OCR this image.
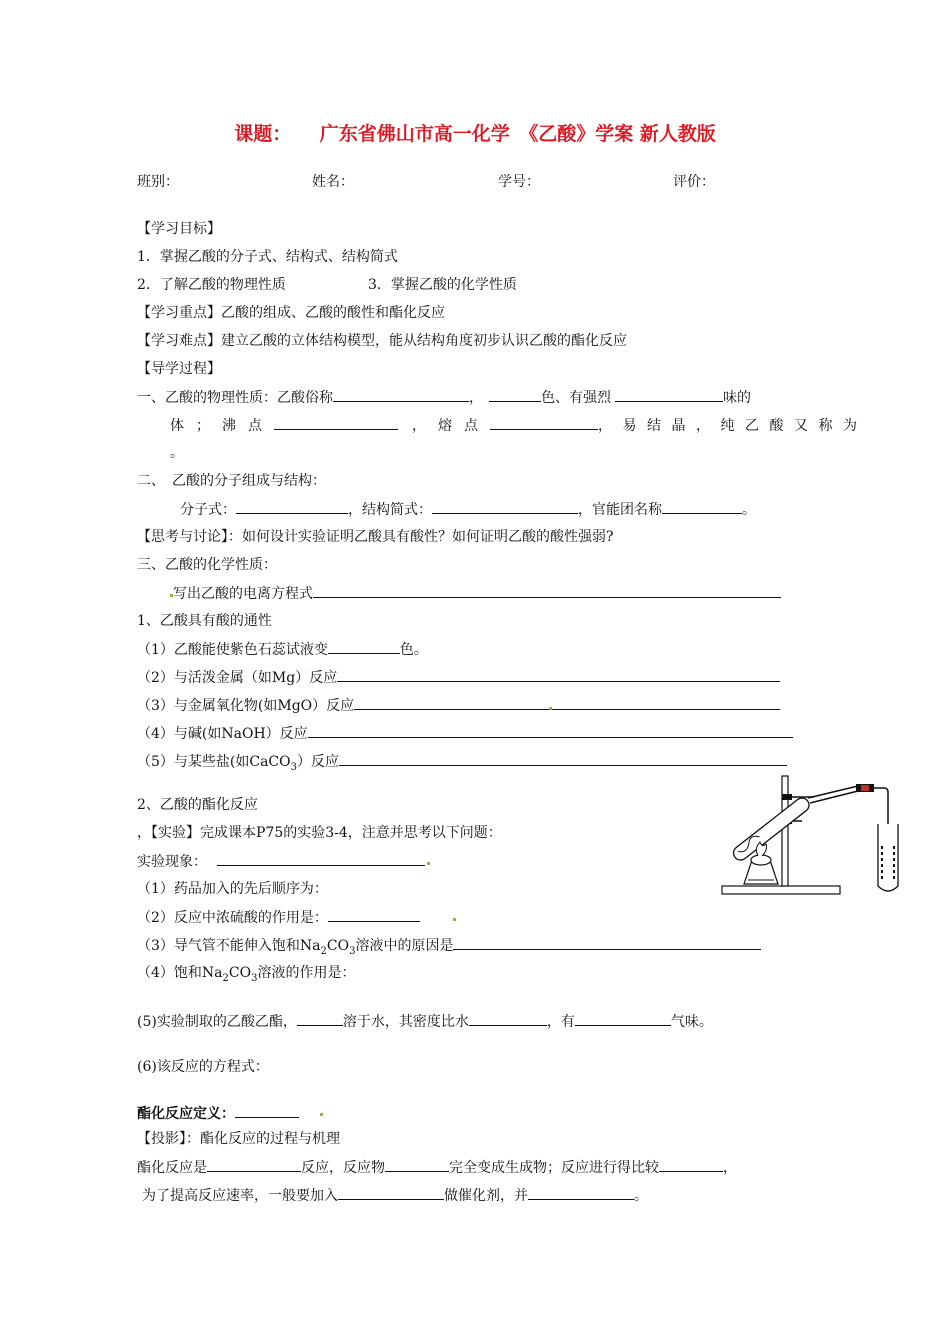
课题：　　广东省佛山市高一化学　《乙酸》学案 新人教版
班别：	姓名：	学号：	评价：
【学习目标】
1．掌握乙酸的分子式、结构式、结构简式
2．了解乙酸的物理性质	3．掌握乙酸的化学性质
【学习重点】乙酸的组成、乙酸的酸性和酯化反应
【学习难点】建立乙酸的立体结构模型，能从结构角度初步认识乙酸的酯化反应
【导学过程】
一、乙酸的物理性质：乙酸俗称	，	色、有强烈	味的
体；沸点	，熔点	，易结晶，纯乙酸又称为
。
二、　乙酸的分子组成与结构：
分子式：	，结构简式：	，官能团名称	。
【思考与讨论】：如何设计实验证明乙酸具有酸性？如何证明乙酸的酸性强弱?
三、乙酸的化学性质：
写出乙酸的电离方程式
1、乙酸具有酸的通性
（1）乙酸能使紫色石蕊试液变	色。
（2）与活泼金属（如Mg）反应
（3）与金属氧化物(如MgO）反应
（4）与碱(如NaOH）反应
（5）与某些盐(如CaCO$_3$）反应
2、乙酸的酯化反应
，【实验】完成课本P75的实验3-4，注意并思考以下问题：
实验现象：
（1）药品加入的先后顺序为：
（2）反应中浓硫酸的作用是：
（3）导气管不能伸入饱和$Na_2CO_3$溶液中的原因是
（4）饱和$Na_2CO_3$溶液的作用是：
(5)实验制取的乙酸乙酯，	溶于水，其密度比水	，有	气味。
(6)该反应的方程式：
酯化反应定义：
【投影】：酯化反应的过程与机理
酯化反应是	反应，反应物	完全变成生成物；反应进行得比较	，
为了提高反应速率，一般要加入	做催化剂，并	。
